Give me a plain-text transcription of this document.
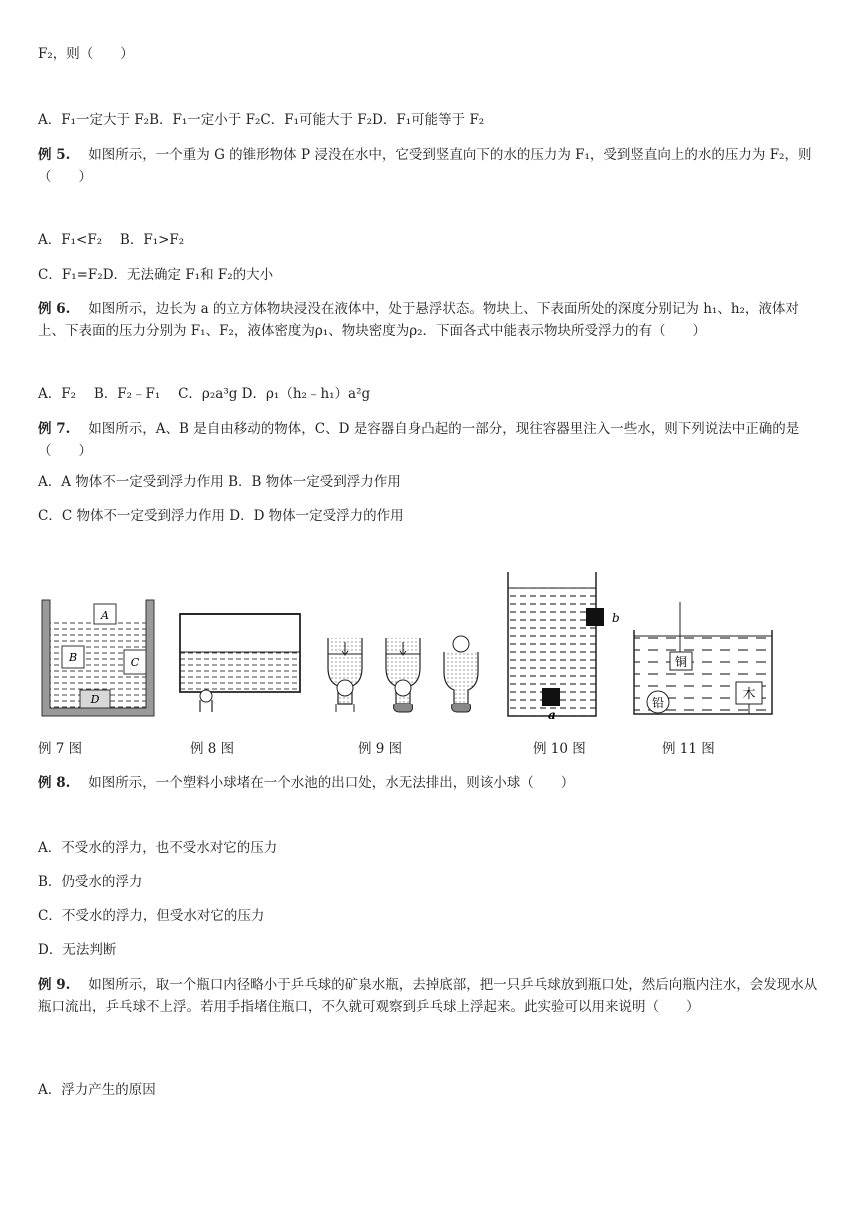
F₂，则（　　）
A．F₁一定大于 F₂B．F₁一定小于 F₂C．F₁可能大于 F₂D．F₁可能等于 F₂
例 5. 如图所示，一个重为 G 的锥形物体 P 浸没在水中，它受到竖直向下的水的压力为 F₁，受到竖直向上的水的压力为 F₂，则（　　）
A．F₁<F₂　 B．F₁>F₂
C．F₁=F₂D．无法确定 F₁和 F₂的大小
例 6. 如图所示，边长为 a 的立方体物块浸没在液体中，处于悬浮状态。物块上、下表面所处的深度分别记为 h₁、h₂，液体对上、下表面的压力分别为 F₁、F₂，液体密度为ρ₁、物块密度为ρ₂．下面各式中能表示物块所受浮力的有（　　）
A．F₂　 B．F₂﹣F₁　 C．ρ₂a³g D．ρ₁（h₂﹣h₁）a²g
例 7. 如图所示，A、B 是自由移动的物体，C、D 是容器自身凸起的一部分，现往容器里注入一些水，则下列说法中正确的是（　　）
A．A 物体不一定受到浮力作用 B．B 物体一定受到浮力作用
C．C 物体不一定受到浮力作用 D．D 物体一定受浮力的作用
A
B	C
D
b
a
铜
木
铅
例 7 图	例 8 图	例 9 图	例 10 图	例 11 图
例 8. 如图所示，一个塑料小球堵在一个水池的出口处，水无法排出，则该小球（　　）
A．不受水的浮力，也不受水对它的压力
B．仍受水的浮力
C．不受水的浮力，但受水对它的压力
D．无法判断
例 9. 如图所示，取一个瓶口内径略小于乒乓球的矿泉水瓶，去掉底部，把一只乒乓球放到瓶口处，然后向瓶内注水，会发现水从瓶口流出，乒乓球不上浮。若用手指堵住瓶口，不久就可观察到乒乓球上浮起来。此实验可以用来说明（　　）
A．浮力产生的原因
